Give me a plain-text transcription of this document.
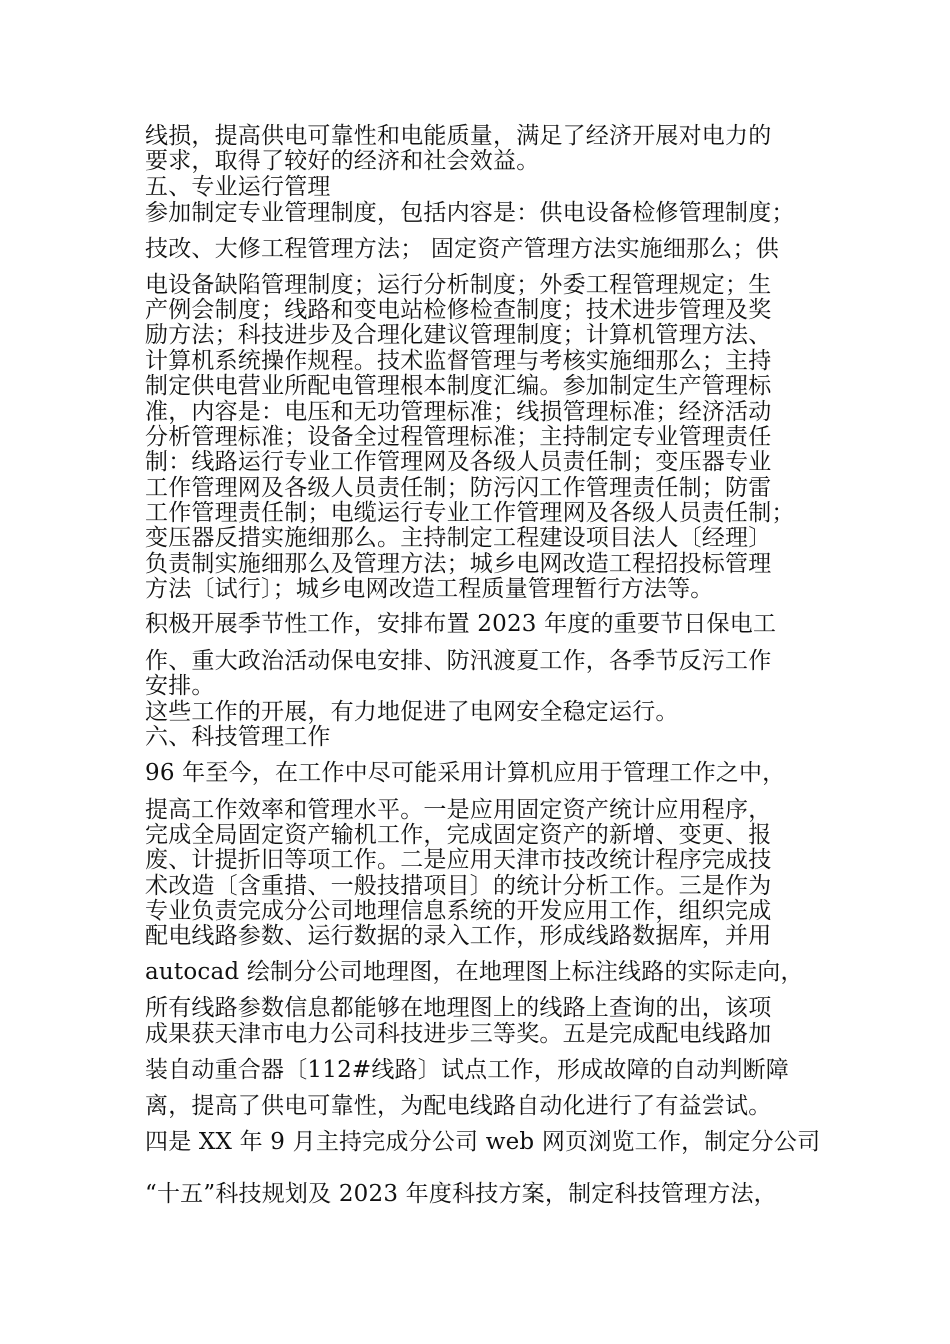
线损，提高供电可靠性和电能质量，满足了经济开展对电力的
要求，取得了较好的经济和社会效益。
五、专业运行管理
参加制定专业管理制度，包括内容是：供电设备检修管理制度；
技改、大修工程管理方法； 固定资产管理方法实施细那么；供
电设备缺陷管理制度；运行分析制度；外委工程管理规定；生
产例会制度；线路和变电站检修检查制度；技术进步管理及奖
励方法；科技进步及合理化建议管理制度；计算机管理方法、
计算机系统操作规程。技术监督管理与考核实施细那么；主持
制定供电营业所配电管理根本制度汇编。参加制定生产管理标
准，内容是：电压和无功管理标准；线损管理标准；经济活动
分析管理标准；设备全过程管理标准；主持制定专业管理责任
制：线路运行专业工作管理网及各级人员责任制；变压器专业
工作管理网及各级人员责任制；防污闪工作管理责任制；防雷
工作管理责任制；电缆运行专业工作管理网及各级人员责任制；
变压器反措实施细那么。主持制定工程建设项目法人〔经理〕
负责制实施细那么及管理方法；城乡电网改造工程招投标管理
方法〔试行〕；城乡电网改造工程质量管理暂行方法等。
积极开展季节性工作，安排布置 2023 年度的重要节日保电工
作、重大政治活动保电安排、防汛渡夏工作，各季节反污工作
安排。
这些工作的开展，有力地促进了电网安全稳定运行。
六、科技管理工作
96 年至今，在工作中尽可能采用计算机应用于管理工作之中，
提高工作效率和管理水平。一是应用固定资产统计应用程序，
完成全局固定资产输机工作，完成固定资产的新增、变更、报
废、计提折旧等项工作。二是应用天津市技改统计程序完成技
术改造〔含重措、一般技措项目〕的统计分析工作。三是作为
专业负责完成分公司地理信息系统的开发应用工作，组织完成
配电线路参数、运行数据的录入工作，形成线路数据库，并用
autocad 绘制分公司地理图，在地理图上标注线路的实际走向，
所有线路参数信息都能够在地理图上的线路上查询的出，该项
成果获天津市电力公司科技进步三等奖。五是完成配电线路加
装自动重合器〔112#线路〕试点工作，形成故障的自动判断障
离，提高了供电可靠性，为配电线路自动化进行了有益尝试。
四是 XX 年 9 月主持完成分公司 web 网页浏览工作，制定分公司
“十五”科技规划及 2023 年度科技方案，制定科技管理方法，
